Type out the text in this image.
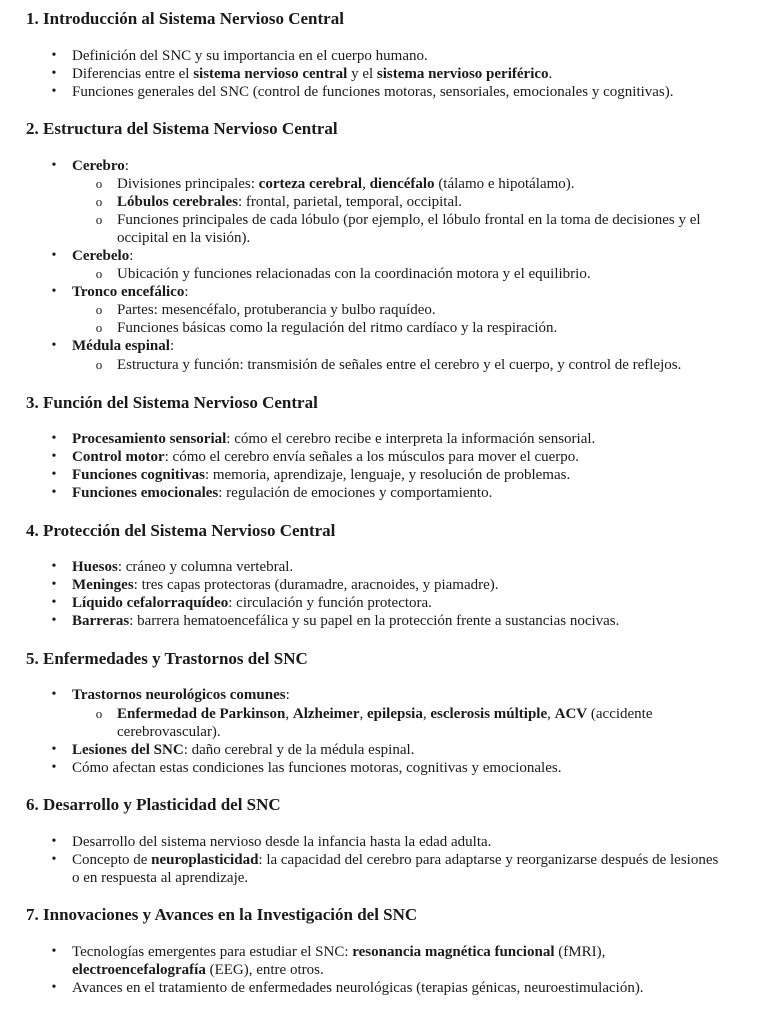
1. Introducción al Sistema Nervioso Central
•	Definición del SNC y su importancia en el cuerpo humano.
•	Diferencias entre el sistema nervioso central y el sistema nervioso periférico.
•	Funciones generales del SNC (control de funciones motoras, sensoriales, emocionales y cognitivas).
2. Estructura del Sistema Nervioso Central
•	Cerebro:
o Divisiones principales: corteza cerebral, diencéfalo (tálamo e hipotálamo).
o Lóbulos cerebrales: frontal, parietal, temporal, occipital.
o Funciones principales de cada lóbulo (por ejemplo, el lóbulo frontal en la toma de decisiones y el
occipital en la visión).
•	Cerebelo:
o Ubicación y funciones relacionadas con la coordinación motora y el equilibrio.
•	Tronco encefálico:
o Partes: mesencéfalo, protuberancia y bulbo raquídeo.
o Funciones básicas como la regulación del ritmo cardíaco y la respiración.
•	Médula espinal:
o Estructura y función: transmisión de señales entre el cerebro y el cuerpo, y control de reflejos.
3. Función del Sistema Nervioso Central
•	Procesamiento sensorial: cómo el cerebro recibe e interpreta la información sensorial.
•	Control motor: cómo el cerebro envía señales a los músculos para mover el cuerpo.
•	Funciones cognitivas: memoria, aprendizaje, lenguaje, y resolución de problemas.
•	Funciones emocionales: regulación de emociones y comportamiento.
4. Protección del Sistema Nervioso Central
•	Huesos: cráneo y columna vertebral.
•	Meninges: tres capas protectoras (duramadre, aracnoides, y piamadre).
•	Líquido cefalorraquídeo: circulación y función protectora.
•	Barreras: barrera hematoencefálica y su papel en la protección frente a sustancias nocivas.
5. Enfermedades y Trastornos del SNC
•	Trastornos neurológicos comunes:
o Enfermedad de Parkinson, Alzheimer, epilepsia, esclerosis múltiple, ACV (accidente
cerebrovascular).
•	Lesiones del SNC: daño cerebral y de la médula espinal.
•	Cómo afectan estas condiciones las funciones motoras, cognitivas y emocionales.
6. Desarrollo y Plasticidad del SNC
•	Desarrollo del sistema nervioso desde la infancia hasta la edad adulta.
•	Concepto de neuroplasticidad: la capacidad del cerebro para adaptarse y reorganizarse después de lesiones
o en respuesta al aprendizaje.
7. Innovaciones y Avances en la Investigación del SNC
•	Tecnologías emergentes para estudiar el SNC: resonancia magnética funcional (fMRI),
electroencefalografía (EEG), entre otros.
•	Avances en el tratamiento de enfermedades neurológicas (terapias génicas, neuroestimulación).
